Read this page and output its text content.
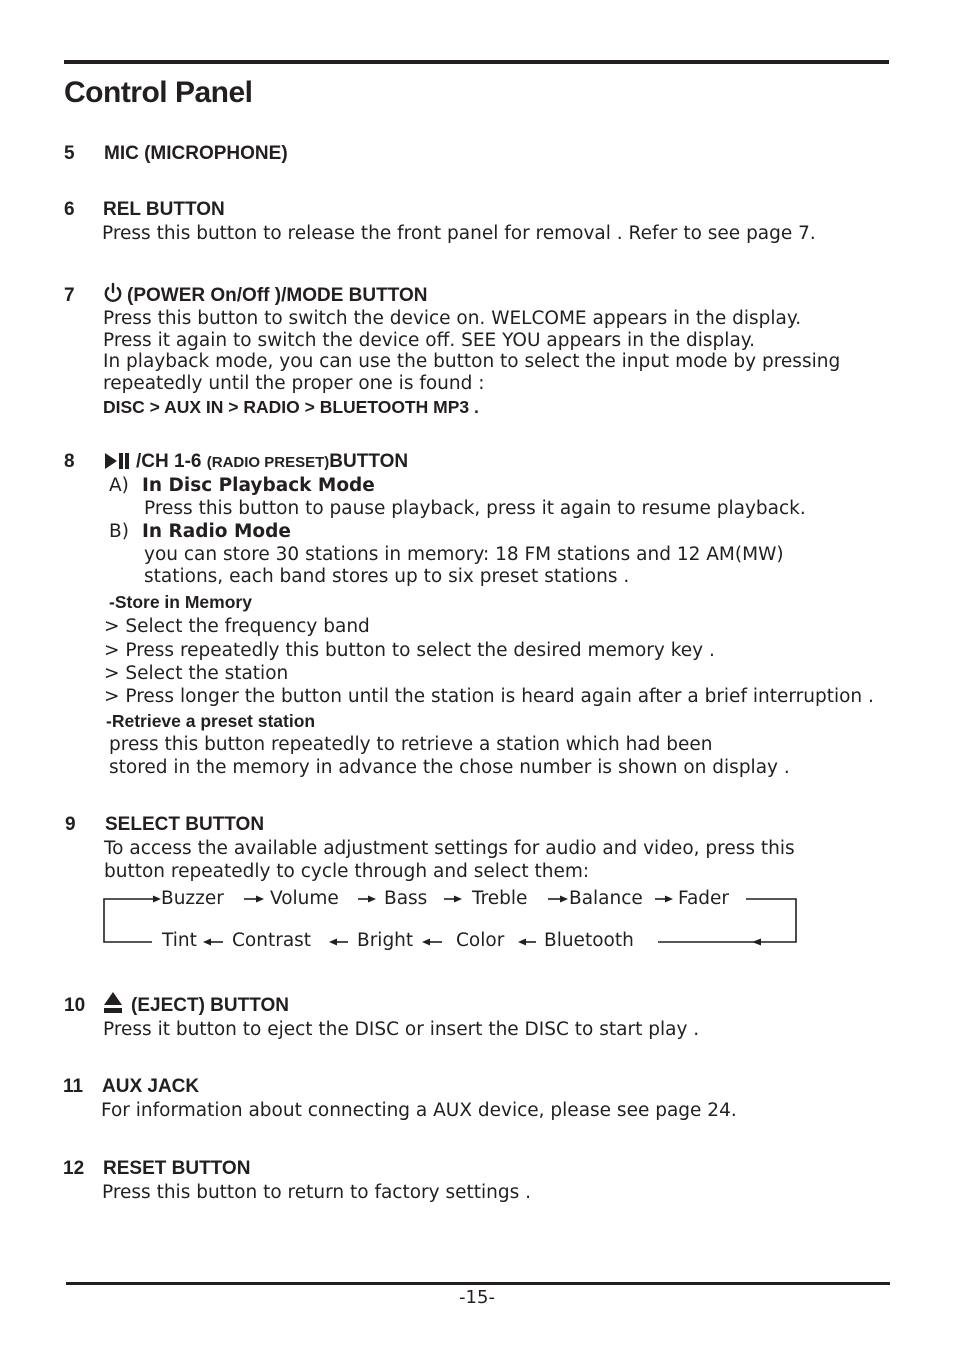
Control Panel
5 MIC (MICROPHONE)
6 REL BUTTON
Press this button to release the front panel for removal . Refer to see page 7.
7	(POWER On/Off )/MODE BUTTON
Press this button to switch the device on. WELCOME appears in the display.
Press it again to switch the device off. SEE YOU appears in the display.
In playback mode, you can use the button to select the input mode by pressing
repeatedly until the proper one is found :
DISC > AUX IN > RADIO > BLUETOOTH MP3 .
8	/CH 1-6 (RADIO PRESET)BUTTON
A) In Disc Playback Mode
Press this button to pause playback, press it again to resume playback.
B) In Radio Mode
you can store 30 stations in memory: 18 FM stations and 12 AM(MW)
stations, each band stores up to six preset stations .
-Store in Memory
> Select the frequency band
> Press repeatedly this button to select the desired memory key .
> Select the station
> Press longer the button until the station is heard again after a brief interruption .
-Retrieve a preset station
press this button repeatedly to retrieve a station which had been
stored in the memory in advance the chose number is shown on display .
9 SELECT BUTTON
To access the available adjustment settings for audio and video, press this
button repeatedly to cycle through and select them:
Buzzer Volume Bass Treble Balance Fader
Tint Contrast Bright Color Bluetooth
10 (EJECT) BUTTON
Press it button to eject the DISC or insert the DISC to start play .
11 AUX JACK
For information about connecting a AUX device, please see page 24.
12 RESET BUTTON
Press this button to return to factory settings .
-15-
